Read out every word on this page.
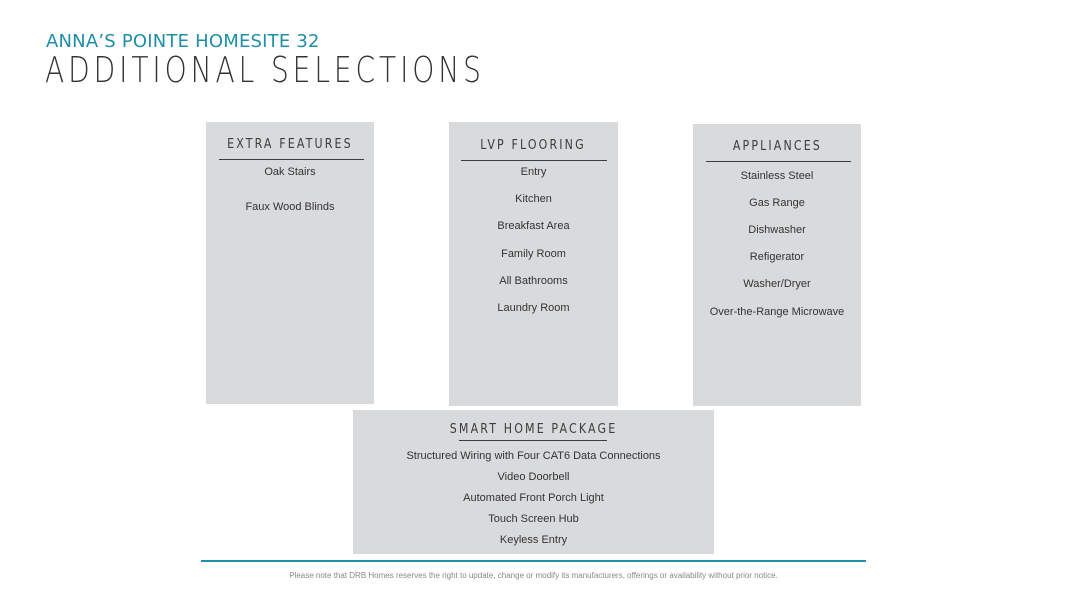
ANNA’S POINTE HOMESITE 32
ADDITIONAL SELECTIONS
EXTRA FEATURES
Oak Stairs
Faux Wood Blinds
LVP FLOORING
Entry
Kitchen
Breakfast Area
Family Room
All Bathrooms
Laundry Room
APPLIANCES
Stainless Steel
Gas Range
Dishwasher
Refigerator
Washer/Dryer
Over-the-Range Microwave
SMART HOME PACKAGE
Structured Wiring with Four CAT6 Data Connections
Video Doorbell
Automated Front Porch Light
Touch Screen Hub
Keyless Entry
Please note that DRB Homes reserves the right to update, change or modify its manufacturers, offerings or availability without prior notice.
